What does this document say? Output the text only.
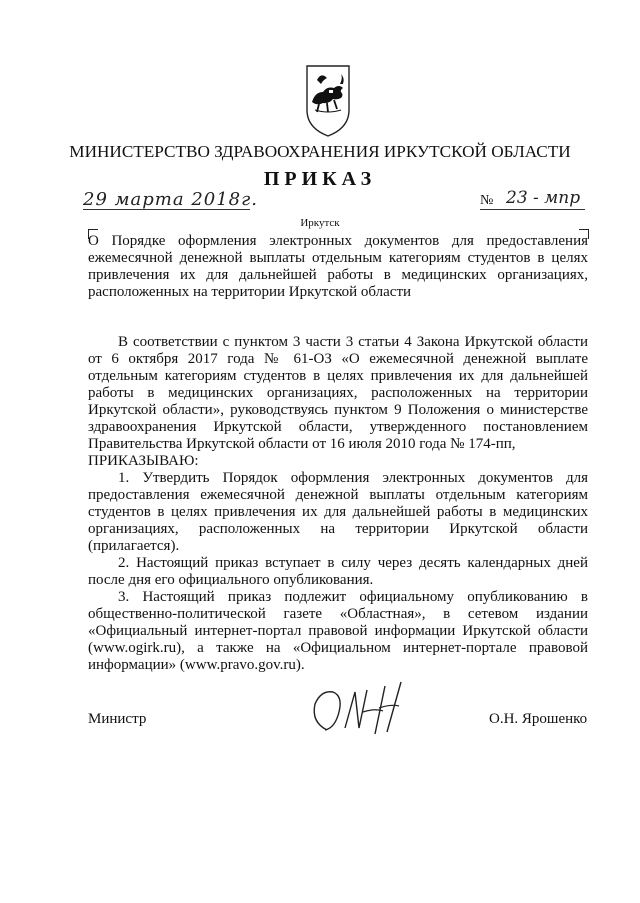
МИНИСТЕРСТВО ЗДРАВООХРАНЕНИЯ ИРКУТСКОЙ ОБЛАСТИ
ПРИКАЗ
29 марта 2018г.	№ 23 - мпр
Иркутск
О Порядке оформления электронных документов для предоставления
ежемесячной денежной выплаты отдельным категориям студентов в целях
привлечения их для дальнейшей работы в медицинских организациях,
расположенных на территории Иркутской области
В соответствии с пунктом 3 части 3 статьи 4 Закона Иркутской области
от 6 октября 2017 года № 61-ОЗ «О ежемесячной денежной выплате
отдельным категориям студентов в целях привлечения их для дальнейшей
работы в медицинских организациях, расположенных на территории
Иркутской области», руководствуясь пунктом 9 Положения о министерстве
здравоохранения Иркутской области, утвержденного постановлением
Правительства Иркутской области от 16 июля 2010 года № 174-пп,
ПРИКАЗЫВАЮ:
1. Утвердить Порядок оформления электронных документов для
предоставления ежемесячной денежной выплаты отдельным категориям
студентов в целях привлечения их для дальнейшей работы в медицинских
организациях, расположенных на территории Иркутской области
(прилагается).
2. Настоящий приказ вступает в силу через десять календарных дней
после дня его официального опубликования.
3. Настоящий приказ подлежит официальному опубликованию в
общественно-политической газете «Областная», в сетевом издании
«Официальный интернет-портал правовой информации Иркутской области
(www.ogirk.ru), а также на «Официальном интернет-портале правовой
информации» (www.pravo.gov.ru).
Министр	О.Н. Ярошенко
